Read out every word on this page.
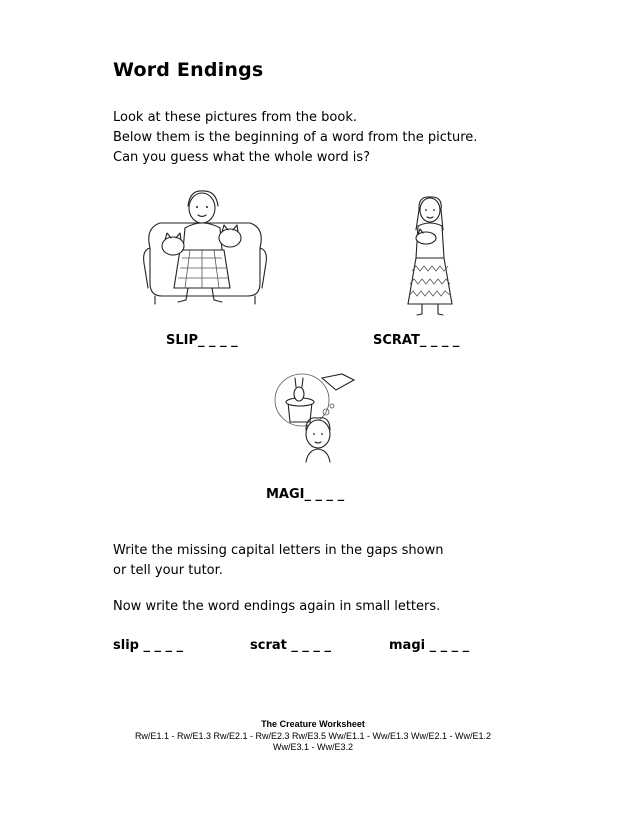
Word Endings
Look at these pictures from the book.
Below them is the beginning of a word from the picture.
Can you guess what the whole word is?
SLIP_ _ _ _	SCRAT_ _ _ _
MAGI_ _ _ _
Write the missing capital letters in the gaps shown
or tell your tutor.
Now write the word endings again in small letters.
slip _ _ _ _	scrat _ _ _ _	magi _ _ _ _
The Creature Worksheet
Rw/E1.1 - Rw/E1.3 Rw/E2.1 - Rw/E2.3 Rw/E3.5 Ww/E1.1 - Ww/E1.3 Ww/E2.1 - Ww/E1.2
Ww/E3.1 - Ww/E3.2
